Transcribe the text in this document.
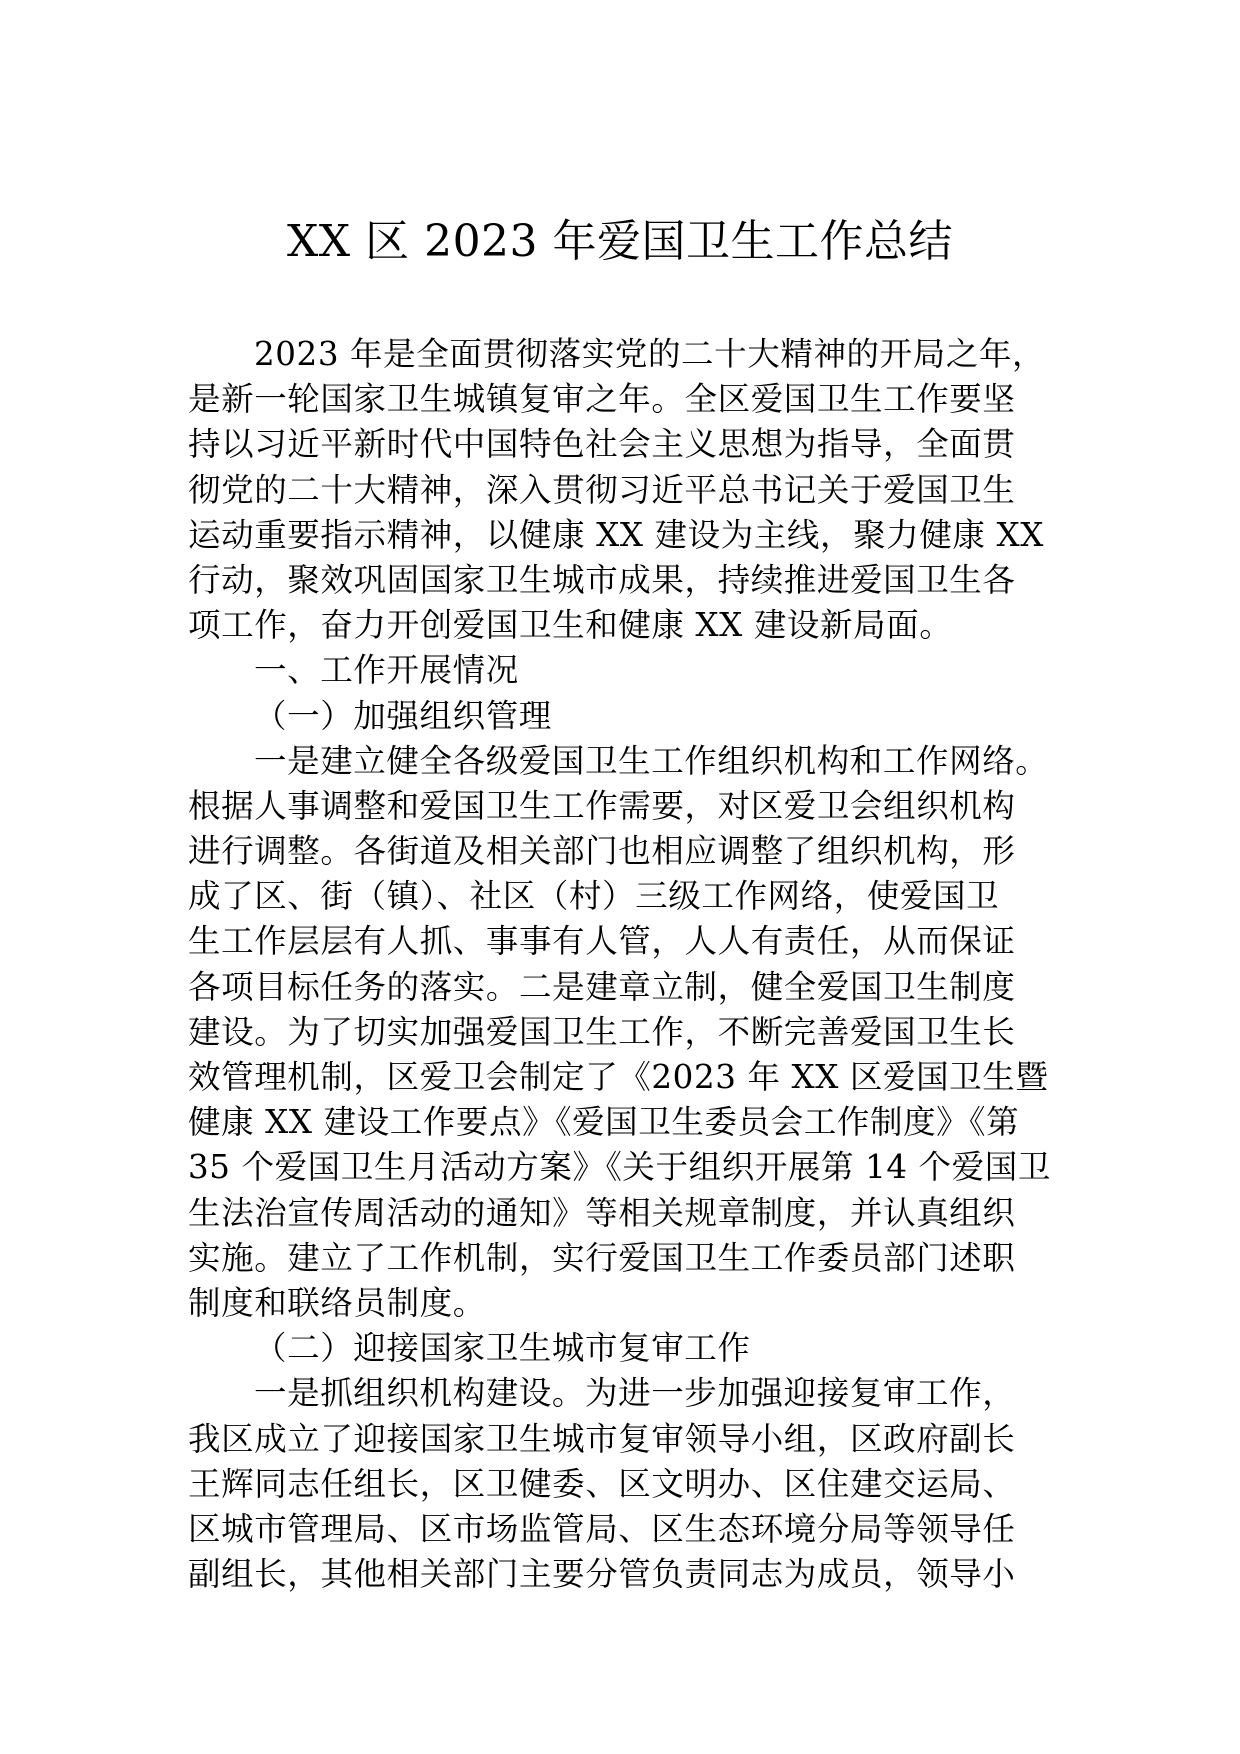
XX 区 2023 年爱国卫生工作总结
2023 年是全面贯彻落实党的二十大精神的开局之年，
是新一轮国家卫生城镇复审之年。全区爱国卫生工作要坚
持以习近平新时代中国特色社会主义思想为指导，全面贯
彻党的二十大精神，深入贯彻习近平总书记关于爱国卫生
运动重要指示精神，以健康 XX 建设为主线，聚力健康 XX
行动，聚效巩固国家卫生城市成果，持续推进爱国卫生各
项工作，奋力开创爱国卫生和健康 XX 建设新局面。
一、工作开展情况
（一）加强组织管理
一是建立健全各级爱国卫生工作组织机构和工作网络。
根据人事调整和爱国卫生工作需要，对区爱卫会组织机构
进行调整。各街道及相关部门也相应调整了组织机构，形
成了区、街（镇）、社区（村）三级工作网络，使爱国卫
生工作层层有人抓、事事有人管，人人有责任，从而保证
各项目标任务的落实。二是建章立制，健全爱国卫生制度
建设。为了切实加强爱国卫生工作，不断完善爱国卫生长
效管理机制，区爱卫会制定了《2023 年 XX 区爱国卫生暨
健康 XX 建设工作要点》《爱国卫生委员会工作制度》《第
35 个爱国卫生月活动方案》《关于组织开展第 14 个爱国卫
生法治宣传周活动的通知》等相关规章制度，并认真组织
实施。建立了工作机制，实行爱国卫生工作委员部门述职
制度和联络员制度。
（二）迎接国家卫生城市复审工作
一是抓组织机构建设。为进一步加强迎接复审工作，
我区成立了迎接国家卫生城市复审领导小组，区政府副长
王辉同志任组长，区卫健委、区文明办、区住建交运局、
区城市管理局、区市场监管局、区生态环境分局等领导任
副组长，其他相关部门主要分管负责同志为成员，领导小
